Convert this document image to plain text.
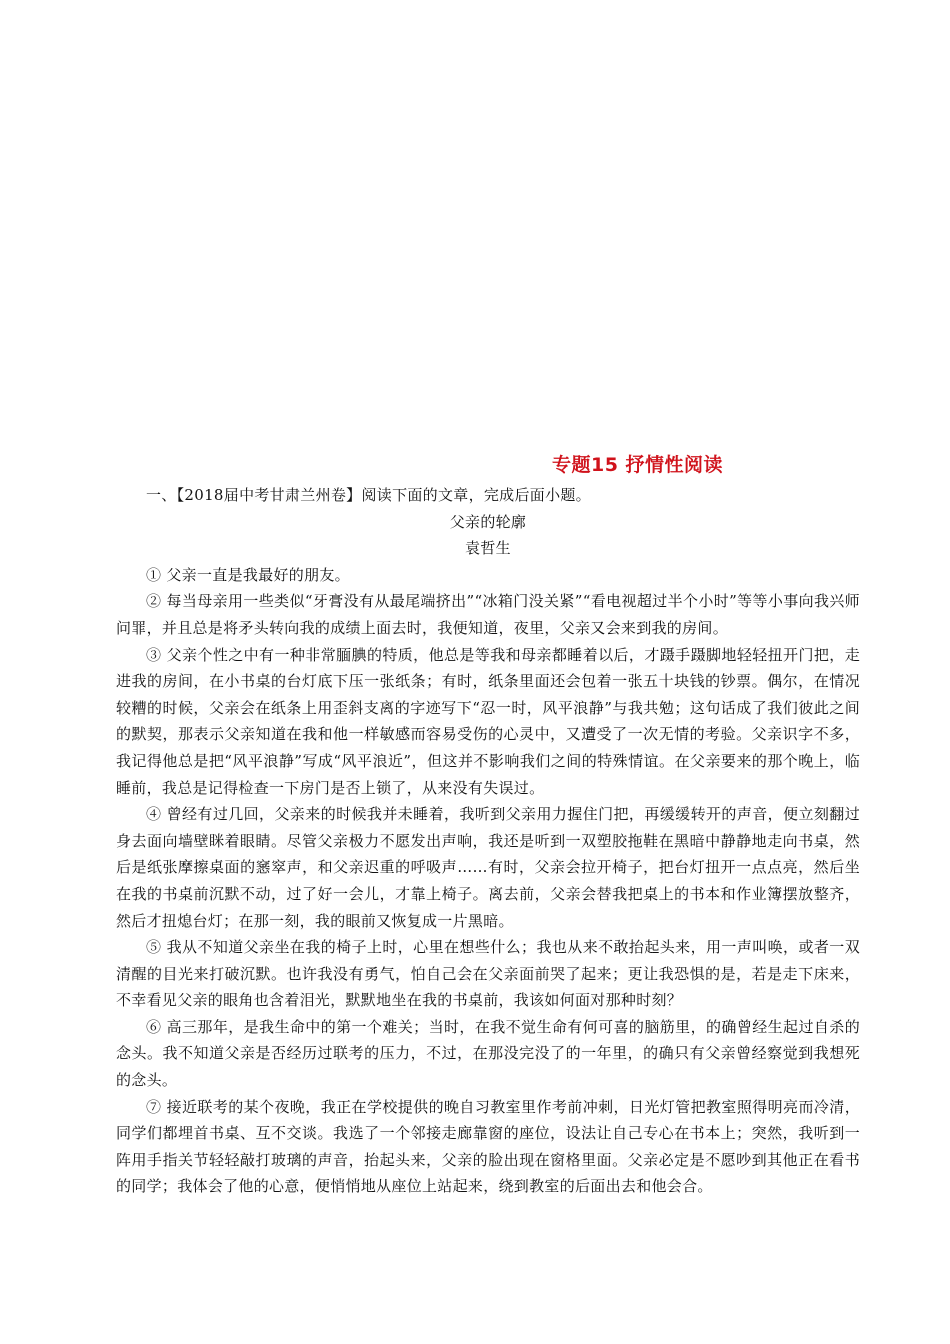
专题15 抒情性阅读

一、【2018届中考甘肃兰州卷】阅读下面的文章，完成后面小题。

父亲的轮廓

袁哲生

① 父亲一直是我最好的朋友。

② 每当母亲用一些类似“牙膏没有从最尾端挤出”“冰箱门没关紧”“看电视超过半个小时”等等小事向我兴师问罪，并且总是将矛头转向我的成绩上面去时，我便知道，夜里，父亲又会来到我的房间。

③ 父亲个性之中有一种非常腼腆的特质，他总是等我和母亲都睡着以后，才蹑手蹑脚地轻轻扭开门把，走进我的房间，在小书桌的台灯底下压一张纸条；有时，纸条里面还会包着一张五十块钱的钞票。偶尔，在情况较糟的时候，父亲会在纸条上用歪斜支离的字迹写下“忍一时，风平浪静”与我共勉；这句话成了我们彼此之间的默契，那表示父亲知道在我和他一样敏感而容易受伤的心灵中，又遭受了一次无情的考验。父亲识字不多，我记得他总是把“风平浪静”写成“风平浪近”，但这并不影响我们之间的特殊情谊。在父亲要来的那个晚上，临睡前，我总是记得检查一下房门是否上锁了，从来没有失误过。

④ 曾经有过几回，父亲来的时候我并未睡着，我听到父亲用力握住门把，再缓缓转开的声音，便立刻翻过身去面向墙壁眯着眼睛。尽管父亲极力不愿发出声响，我还是听到一双塑胶拖鞋在黑暗中静静地走向书桌，然后是纸张摩擦桌面的窸窣声，和父亲迟重的呼吸声……有时，父亲会拉开椅子，把台灯扭开一点点亮，然后坐在我的书桌前沉默不动，过了好一会儿，才靠上椅子。离去前，父亲会替我把桌上的书本和作业簿摆放整齐，然后才扭熄台灯；在那一刻，我的眼前又恢复成一片黑暗。

⑤ 我从不知道父亲坐在我的椅子上时，心里在想些什么；我也从来不敢抬起头来，用一声叫唤，或者一双清醒的目光来打破沉默。也许我没有勇气，怕自己会在父亲面前哭了起来；更让我恐惧的是，若是走下床来，不幸看见父亲的眼角也含着泪光，默默地坐在我的书桌前，我该如何面对那种时刻？

⑥ 高三那年，是我生命中的第一个难关；当时，在我不觉生命有何可喜的脑筋里，的确曾经生起过自杀的念头。我不知道父亲是否经历过联考的压力，不过，在那没完没了的一年里，的确只有父亲曾经察觉到我想死的念头。

⑦ 接近联考的某个夜晚，我正在学校提供的晚自习教室里作考前冲刺，日光灯管把教室照得明亮而冷清，同学们都埋首书桌、互不交谈。我选了一个邻接走廊靠窗的座位，设法让自己专心在书本上；突然，我听到一阵用手指关节轻轻敲打玻璃的声音，抬起头来，父亲的脸出现在窗格里面。父亲必定是不愿吵到其他正在看书的同学；我体会了他的心意，便悄悄地从座位上站起来，绕到教室的后面出去和他会合。
